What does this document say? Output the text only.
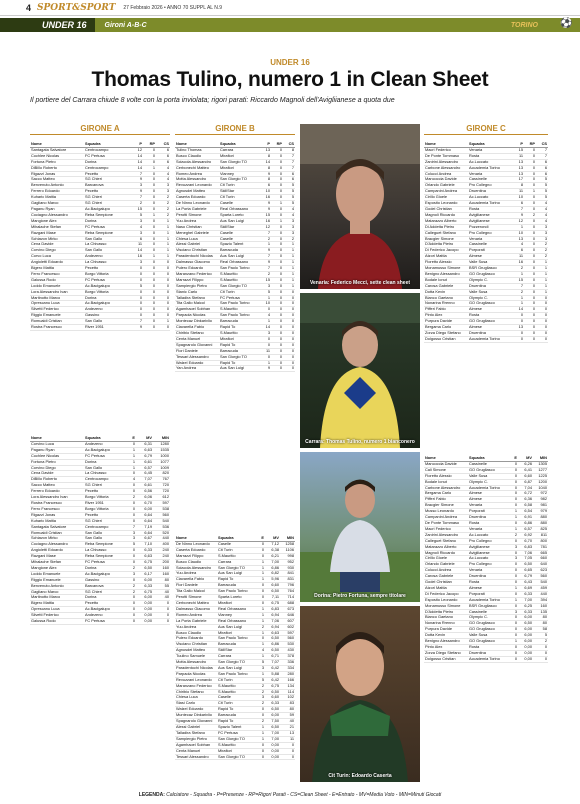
4 SPORT&SPORT 27 Febbraio 2026 • ANNO 70 SUPPL AL N.9
UNDER 16	Gironi A-B-C	TORINO ⚽
UNDER 16
Thomas Tulino, numero 1 in Clean Sheet
Il portiere del Carrara chiude 8 volte con la porta inviolata; rigori parati: Riccardo Magnoli dell'Avigliianese a quota due
GIRONE A	GIRONE B	GIRONE C
Nome	Squadra	P	RP	CS
Santagata Salvatore	Centrocampo	12	0	6
Cochlee Nicolas	FC Pertusa	14	0	6
Fortuna Pietro	Dorina	14	0	6
DiBillo Roberto	Centrocampo	14	1	4
Rigazzi Jonas	Pecetto	7	0	4
Sacco Matteo	SG Chieri	9	0	4
Benvenuto Antonio	Barcanova	3	0	3
Ferrero Edoardo	Pecetto	9	0	3
Kuharic Mattia	SG Chieri	7	0	2
Gagliano Marco	SG Chieri	2	0	2
Paganu Ryan	Ac.Bacigalupo	15	0	2
Cociagno Alessandro	Reba Sempione	5	1	2
Mangione Alex	Dorina	3	0	1
Mihalache Stefan	FC Pertusa	4	0	1
Razgani Mase	Reba Sempione	3	0	1
Schiavon Mirko	San Gallo	6	0	1
Cena Davide	La Chivasso	11	0	1
Corvino Diego	San Gallo	14	0	1
Corvo Luca	Andezeno	16	1	1
Angioletti Edoardo	La Chivasso	3	0	0
Bigero Mattia	Pecetto	0	0	0
Ferro Francesco	Borgo Vittoria	0	0	0
Galussa Rodo	FC Pertusa	0	0	0
Loddo Emanuele	Ac.Bacigalupo	5	0	0
Lora Alessandro Ivan	Borgo Vittoria	0	0	0
Martinotto Marco	Dorina	0	0	0
Oprescanu Luca	Ac.Bacigalupo	0	0	0
Silvetti Federico	Andezeno	0	0	0
Riggio Emanuele	Gassino	0	0	0
Romualdi Cristian	San Gallo	7	0	1
Rostra Francesco	River 1951	9	0	0
Nome	Squadra	E	MV	MIN
Corvino Luca	Andezeno	0	6,31	1280
Paganu Ryan	Ac.Bacigalupo	1	6,63	1535
Cochlee Nicolas	FC Pertusa	1	6,79	1000
Fortuna Pietro	Dorina	1	6,61	1077
Corvino Diego	San Gallo	1	6,57	1009
Cena Davide	La Chivasso	0	6,45	820
DiBillo Roberto	Centrocampo	4	7,07	767
Sacco Matteo	SG Chieri	0	6,61	720
Ferrero Edoardo	Pecetto	0	6,56	720
Lora Alessandro Ivan	Borgo Vittoria	2	6,06	612
Rostra Francesco	River 1951	0	6,70	597
Ferro Francesco	Borgo Vittoria	0	6,00	538
Rigazzi Jonas	Pecetto	0	6,64	560
Kuharic Mattia	SG Chieri	0	6,64	540
Santagata Salvatore	Centrocampo	7	7,19	536
Romualdi Cristian	San Gallo	3	6,64	520
Schiavon Mirko	San Gallo	3	6,67	440
Cociagno Alessandro	Reba Sempione	5	7,10	400
Angioletti Edoardo	La Chivasso	0	6,33	240
Razgani Mase	Reba Sempione	0	6,63	240
Mihalache Stefan	FC Pertusa	0	6,75	200
Mangione Alex	Dorina	2	6,50	160
Loddo Emanuele	Ac.Bacigalupo	3	6,17	160
Riggio Emanuele	Gassino	0	6,00	80
Benvenuto Antonio	Barcanova	2	6,33	55
Gagliano Marco	SG Chieri	2	6,75	40
Martinotto Marco	Dorina	0	6,00	40
Bigero Mattia	Pecetto	0	0,00	0
Oprescanu Luca	Ac.Bacigalupo	0	0,00	0
Silvetti Federico	Andezeno	0	0,00	0
Galussa Rodo	FC Pertusa	0	0,00	0
Nome	Squadra	P	RP	CS
Tulino Thomas	Carrara	13	0	8
Busco Claudio	Mirafiori	8	0	7
Sciacola Alessandro	San Giorgio TO	14	0	7
Cerbonechi Matteo	Mirafiori	8	0	7
Romeo Andrea	Vianney	9	0	6
Motta Alessandro	San Giorgio TO	8	0	6
Revuzzani Leonardo	Cit Turin	6	0	5
Agnusdei Matteo	SkillStar	10	0	5
Caserta Edoardo	Cit Turin	16	0	5
De Ninno Leonardo	Caselle	9	1	5
La Porta Gabriele	Real Orbassano	9	0	4
Perotti Simone	Sparta Loreto	15	0	4
Yuu Andrea	Aus San Luigi	16	1	3
Naso Christian	SkillStar	12	0	3
Meneghel Gabriele	Caselle	7	0	3
Chiesa Luca	Caselle	2	0	2
Alessi Gabriel	Spazio Talent	1	0	1
Visciano Christian	Barracuda	9	0	1
Paradentochi Nicolas	Aus San Luigi	7	0	1
Dalmasso Giacomo	Real Orbassano	9	0	1
Pulero Edoardo	San Paolo Torino	7	0	1
Maranzano Federico	S.Mauritio	2	0	1
Marrazzi Filippo	S.Mauritio	15	0	1
Sampiergio Pietro	San Giorgio TO	3	0	1
Stanic Carlo	Cit Turin	5	0	0
Talladira Stefano	FC Pertusa	1	0	0
Tita Gallo Maicol	San Paolo Torino	10	0	0
Agamhaoel Sobhan	S.Mauritio	0	0	0
Parpaola Nicolas	San Paolo Torino	4	0	0
Montecaz Dinkarivlio	Barracuda	1	0	0
Ciavarella Fabio	Rapid To	14	0	0
Chiribio Stefano	S.Mauritio	3	0	0
Centa Manuel	Mirafiori	0	0	0
Spagnarolo Giovanni	Rapid To	0	0	0
Fiori Daniele	Barracuda	11	0	0
Tessari Alessandro	San Giorgio TO	0	0	0
Walzel Edoardo	Rapid To	1	0	0
Yan Andrea	Aus San Luigi	9	0	0
Nome	Squadra	E	MV	MIN
De Ninno Leonardo	Caselle	0	7,12	1258
Caserta Edoardo	Cit Turin	0	6,38	1106
Marrazzi Filippo	S.Mauritio	0	6,21	998
Busco Claudio	Carrara	1	7,00	952
Sciacola Alessandro	San Giorgio TO	1	6,86	930
Yuu Andrea	Aus San Luigi	1	6,82	841
Ciavarella Fabio	Rapid To	1	5,96	831
Fiori Daniele	Barracuda	0	6,60	796
Tita Gallo Maicol	San Paolo Torino	0	6,50	764
Perotti Simone	Sparta Loreto	0	7,11	714
Cerbonechi Matteo	Mirafiori	0	6,75	688
Dalmasso Giacomo	Real Orbassano	1	6,83	673
Romeo Andrea	Vianney	1	6,94	646
La Porta Gabriele	Real Orbassano	1	7,06	607
Yuu Andrea	Aus San Luigi	2	6,94	602
Busco Claudio	Mirafiori	1	6,63	597
Pulero Edoardo	San Paolo Torino	0	6,50	560
Visciano Christian	Barracuda	1	6,86	530
Agnusdei Matteo	SkillStar	4	6,50	430
Tuulino Samuele	Carrara	1	6,71	378
Motta Alessandro	San Giorgio TO	5	7,07	336
Paradentochi Nicolas	Aus San Luigi	3	6,42	334
Parpaola Nicolas	San Paolo Torino	1	5,88	280
Revuzzani Leonardo	Cit Turin	5	6,42	166
Maranzano Federico	S.Mauritio	2	6,75	134
Chiribio Stefano	S.Mauritio	2	6,50	114
Chiesa Luca	Caselle	3	6,60	102
Stasi Carlo	Cit Turin	2	6,33	83
Walzel Edoardo	Rapid To	0	6,50	80
Muntecaz Dinkarivlio	Barracuda	0	6,00	59
Spagnarolo Giovanni	Rapid To	2	7,50	40
Alessi Gabriel	Spazio Talent	1	6,50	21
Talladira Stefano	FC Pertusa	1	7,00	13
Sampiergio Pietro	San Giorgio TO	1	7,00	11
Agamhaoel Sobhan	S.Mauritio	0	0,00	0
Centa Manuel	Mirafiori	0	0,00	0
Tessari Alessandro	San Giorgio TO	0	0,00	0
Venaria: Federico Mecci, sette clean sheet
Carrara: Thomas Tulino, numero 1 bianconero
Dorina: Pietro Fortuna, sempre titolare
Cit Turin: Edoardo Caserta
Nome	Squadra	P	RP	CS
Macri Federico	Venaria	15	0	7
De Ponte Tommaso	Rosta	11	0	7
Zanirini Alessandro	Ac.Luccato	13	0	6
Carbone Alessandro	Accademia Torino	13	0	6
Colucci Andrea	Venaria	13	0	6
Mancoccia Davide	Cassinelle	17	0	5
Orlando Gabriele	Pro Collegno	8	0	5
Campanini Andrea	Druentina	11	1	5
Cirillo Gioele	Ac.Luccato	10	0	5
Esposito Leonardo	Accademia Torino	6	0	4
Godel Christian	Rosta	7	0	4
Magnoli Riccardo	Avigliianese	9	2	4
Matarazzo Alberto	Avigliianese	12	0	4
Di Addetta Pietro	Pozzerondi	1	0	3
Calleguet Stefano	Pro Collegno	10	0	3
Bracgier Simone	Venaria	13	0	3
D'Addetta Pietro	Cassinelle	4	0	2
Di Federico Jacopo	Porporati	6	0	2
Atzori Mattia	Almese	11	0	2
Fioretto Alessio	Valle Susa	16	0	1
Monamusso Simone	BSR Grugliasco	2	0	1
Benigno Alessandro	GO Grugliasco	1	0	1
Bodale Ionut	Olympic C.	15	0	1
Carosa Gabriele	Druentina	7	0	1
Dotta Kevin	Valle Susa	2	0	1
Bianco Gaetano	Olympic C.	1	0	0
Nonarina Rrenno	GO Grugliasco	1	0	0
Pifferi Fabio	Almese	14	0	0
Pinto Alex	Rosta	0	0	0
Purpura Davide	GO Grugliasco	0	0	0
Bergama Carlo	Almese	13	0	0
Zorza Diego Stefano	Druentina	0	0	0
Dolgosso Cristian	Accademia Torino	0	0	0
Nome	Squadra	E	MV	MIN
Mancoccia Davide	Cassinelle	0	6,26	1305
Cali Simone	GO Grugliasco	0	6,41	1277
Fioretto Alessio	Valle Susa	0	6,60	1225
Bodale Ionut	Olympic C.	0	6,87	1200
Carbone Alessandro	Accademia Torino	0	7,04	1040
Bergama Carlo	Almese	0	6,72	972
Pifferi Fabio	Almese	0	6,36	982
Bracgier Simone	Venaria	0	6,58	981
Musso Leonardo	Porporati	1	6,54	979
Campanini Andrea	Druentina	1	6,91	880
De Ponte Tommaso	Rosta	0	6,86	880
Macri Federico	Venaria	1	6,57	825
Zanirini Alessandro	Ac.Luccato	2	6,92	811
Calleguet Stefano	Pro Collegno	0	6,70	800
Matarazzo Alberto	Avigliianese	3	6,83	781
Magnoli Riccardo	Avigliianese	0	7,06	665
Cirillo Gioele	Ac.Luccato	3	7,05	660
Orlando Gabriele	Pro Collegno	0	6,50	640
Colucci Andrea	Venaria	0	6,65	623
Carosa Gabriele	Druentina	0	6,79	560
Godel Christian	Rosta	0	6,43	540
Atzori Mattia	Almese	1	6,69	459
Di Federico Jacopo	Porporati	0	6,33	440
Esposito Leonardo	Accademia Torino	1	7,00	394
Monamusso Simone	BSR Grugliasco	0	6,25	160
D'Addetta Pietro	Cassinelle	3	6,33	135
Bianco Gaetano	Olympic C.	0	6,00	80
Nonarina Rrenno	GO Grugliasco	0	6,50	80
Purpura Davide	GO Grugliasco	0	6,00	58
Dotta Kevin	Valle Susa	0	6,00	5
Benigno Alessandro	GO Grugliasco	1	6,00	2
Pinto Alex	Rosta	0	0,00	0
Zorza Diego Stefano	Druentina	0	0,00	0
Dolgosso Cristian	Accademia Torino	0	0,00	0
LEGENDA: Calciatore - Squadra - P=Presenze - RP=Rigori Parati - CS=Clean Sheet - E=Entrato - MV=Media Voto - MIN=Minuti Giocati
